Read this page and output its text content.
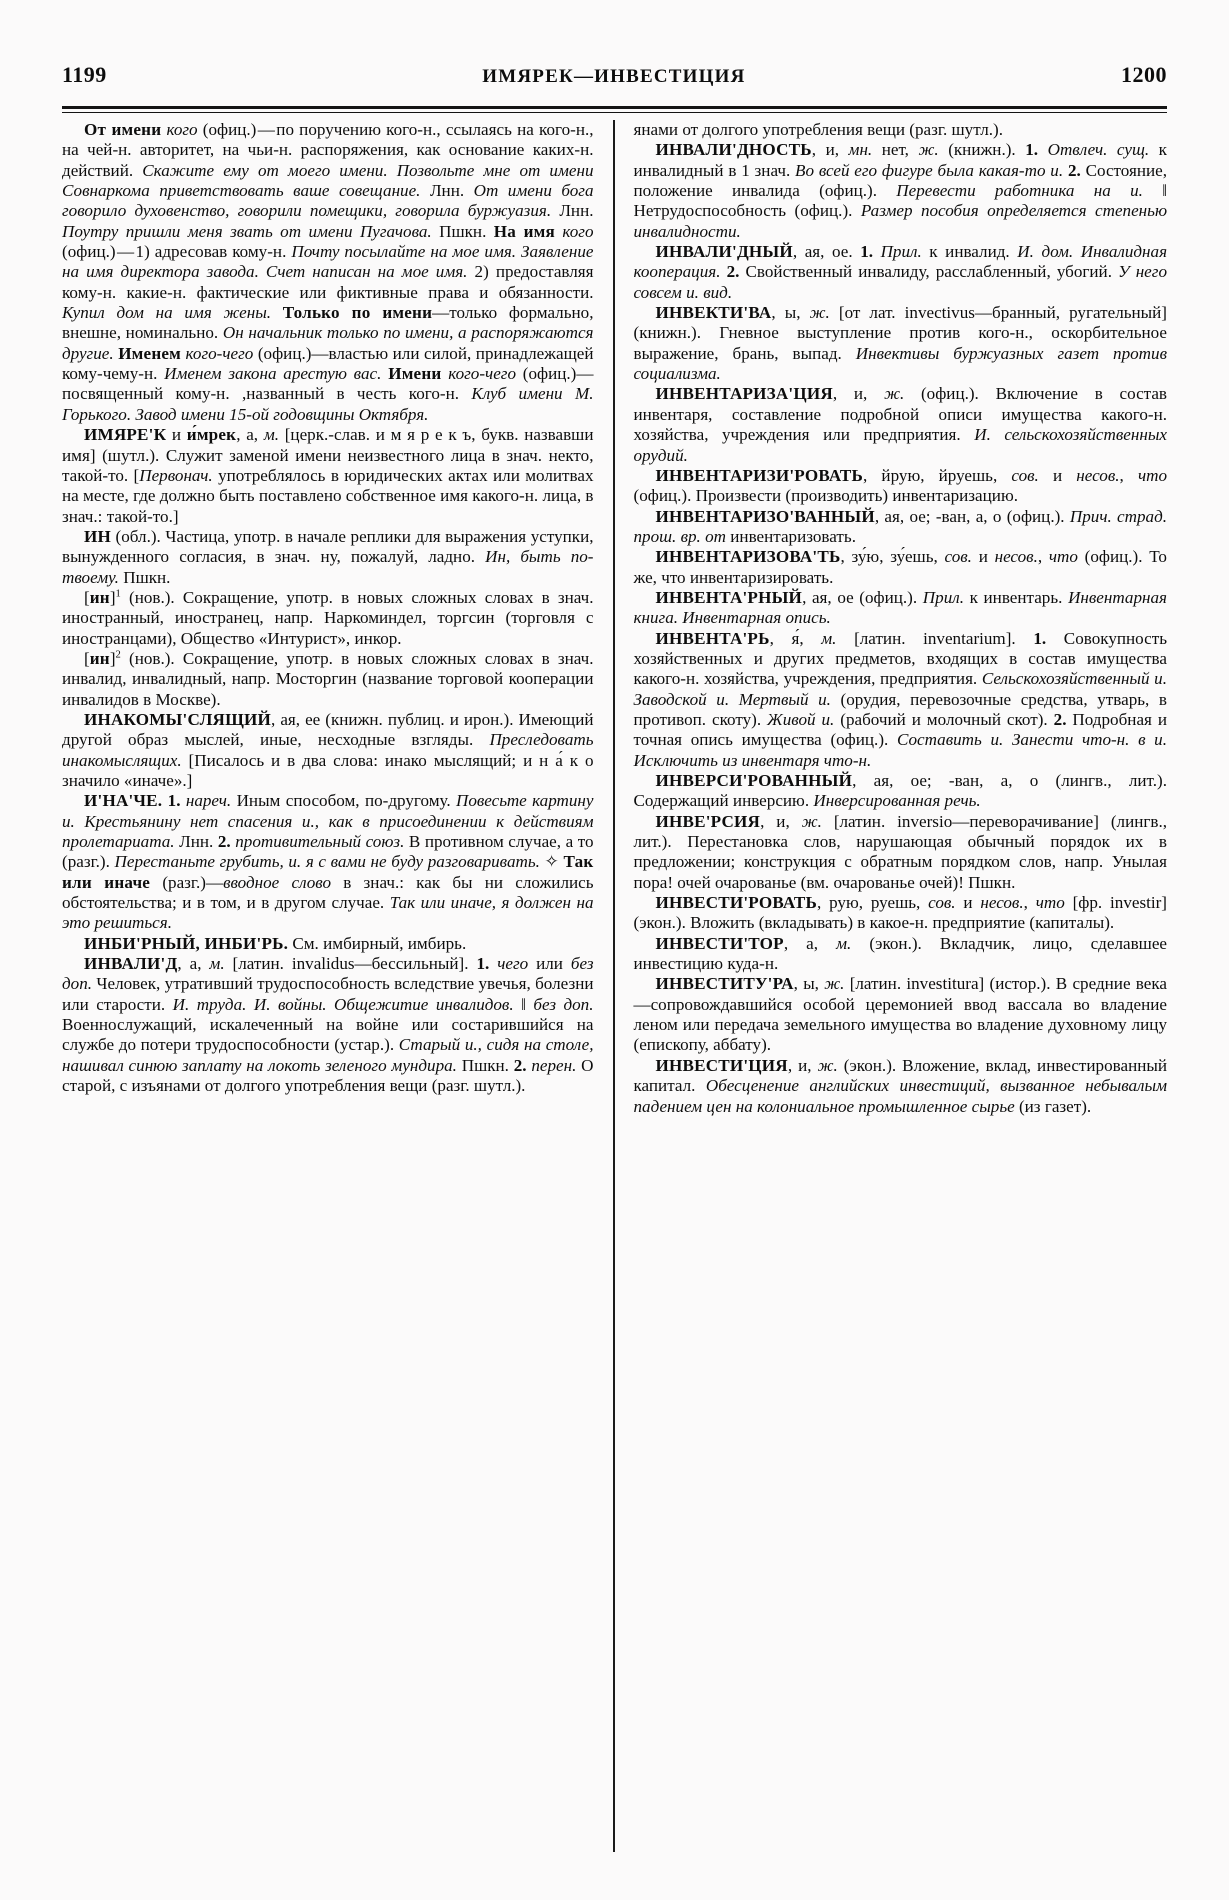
1199	ИМЯРЕК—ИНВЕСТИЦИЯ	1200

От имени кого (офиц.) — по поручению кого-н., ссылаясь на кого-н., на чей-н. авторитет, на чьи-н. распоряжения, как основание каких-н. действий. Скажите ему от моего имени. Позвольте мне от имени Совнаркома приветствовать ваше совещание. Лнн. От имени бога говорило духовенство, говорили помещики, говорила буржуазия. Лнн. Поутру пришли меня звать от имени Пугачова. Пшкн. На имя кого (офиц.) — 1) адресовав кому-н. Почту посылайте на мое имя. Заявление на имя директора завода. Счет написан на мое имя. 2) предоставляя кому-н. какие-н. фактические или фиктивные права и обязанности. Купил дом на имя жены. Только по имени—только формально, внешне, номинально. Он начальник только по имени, а распоряжаются другие. Именем кого-чего (офиц.)—властью или силой, принадлежащей кому-чему-н. Именем закона арестую вас. Имени кого-чего (офиц.)—посвященный кому-н. ,названный в честь кого-н. Клуб имени М. Горького. Завод имени 15-ой годовщины Октября.

ИМЯРЕ'К и и́мрек, а, м. [церк.-слав. и м я р е к ъ, букв. назвавши имя] (шутл.). Служит заменой имени неизвестного лица в знач. некто, такой-то. [Первонач. употреблялось в юридических актах или молитвах на месте, где должно быть поставлено собственное имя какого-н. лица, в знач.: такой-то.]

ИН (обл.). Частица, употр. в начале реплики для выражения уступки, вынужденного согласия, в знач. ну, пожалуй, ладно. Ин, быть по-твоему. Пшкн.

[ин]$^1$ (нов.). Сокращение, употр. в новых сложных словах в знач. иностранный, иностранец, напр. Наркоминдел, торгсин (торговля с иностранцами), Общество «Интурист», инкор.

[ин]$^2$ (нов.). Сокращение, употр. в новых сложных словах в знач. инвалид, инвалидный, напр. Мосторгин (название торговой кооперации инвалидов в Москве).

ИНАКОМЫ'СЛЯЩИЙ, ая, ее (книжн. публиц. и ирон.). Имеющий другой образ мыслей, иные, несходные взгляды. Преследовать инакомыслящих. [Писалось и в два слова: инако мыслящий; и н а́ к о значило «иначе».]

И'НА'ЧЕ. 1. нареч. Иным способом, по-другому. Повесьте картину и. Крестьянину нет спасения и., как в присоединении к действиям пролетариата. Лнн. 2. противительный союз. В противном случае, а то (разг.). Перестаньте грубить, и. я с вами не буду разговаривать. ✧ Так или иначе (разг.)—вводное слово в знач.: как бы ни сложились обстоятельства; и в том, и в другом случае. Так или иначе, я должен на это решиться.

ИНБИ'РНЫЙ, ИНБИ'РЬ. См. имбирный, имбирь.

ИНВАЛИ'Д, а, м. [латин. invalidus—бессильный]. 1. чего или без доп. Человек, утративший трудоспособность вследствие увечья, болезни или старости. И. труда. И. войны. Общежитие инвалидов. ‖ без доп. Военнослужащий, искалеченный на войне или состарившийся на службе до потери трудоспособности (устар.). Старый и., сидя на столе, нашивал синюю заплату на локоть зеленого мундира. Пшкн. 2. перен. О старой, с изъянами от долгого употребления вещи (разг. шутл.).

янами от долгого употребления вещи (разг. шутл.).

ИНВАЛИ'ДНОСТЬ, и, мн. нет, ж. (книжн.). 1. Отвлеч. сущ. к инвалидный в 1 знач. Во всей его фигуре была какая-то и. 2. Состояние, положение инвалида (офиц.). Перевести работника на и. ‖ Нетрудоспособность (офиц.). Размер пособия определяется степенью инвалидности.

ИНВАЛИ'ДНЫЙ, ая, ое. 1. Прил. к инвалид. И. дом. Инвалидная кооперация. 2. Свойственный инвалиду, расслабленный, убогий. У него совсем и. вид.

ИНВЕКТИ'ВА, ы, ж. [от лат. invectivus—бранный, ругательный] (книжн.). Гневное выступление против кого-н., оскорбительное выражение, брань, выпад. Инвективы буржуазных газет против социализма.

ИНВЕНТАРИЗА'ЦИЯ, и, ж. (офиц.). Включение в состав инвентаря, составление подробной описи имущества какого-н. хозяйства, учреждения или предприятия. И. сельскохозяйственных орудий.

ИНВЕНТАРИЗИ'РОВАТЬ, йрую, йруешь, сов. и несов., что (офиц.). Произвести (производить) инвентаризацию.

ИНВЕНТАРИЗО'ВАННЫЙ, ая, ое; -ван, а, о (офиц.). Прич. страд. прош. вр. от инвентаризовать.

ИНВЕНТАРИЗОВА'ТЬ, зу́ю, зу́ешь, сов. и несов., что (офиц.). То же, что инвентаризировать.

ИНВЕНТА'РНЫЙ, ая, ое (офиц.). Прил. к инвентарь. Инвентарная книга. Инвентарная опись.

ИНВЕНТА'РЬ, я́, м. [латин. inventarium]. 1. Совокупность хозяйственных и других предметов, входящих в состав имущества какого-н. хозяйства, учреждения, предприятия. Сельскохозяйственный и. Заводской и. Мертвый и. (орудия, перевозочные средства, утварь, в противоп. скоту). Живой и. (рабочий и молочный скот). 2. Подробная и точная опись имущества (офиц.). Составить и. Занести что-н. в и. Исключить из инвентаря что-н.

ИНВЕРСИ'РОВАННЫЙ, ая, ое; -ван, а, о (лингв., лит.). Содержащий инверсию. Инверсированная речь.

ИНВЕ'РСИЯ, и, ж. [латин. inversio—переворачивание] (лингв., лит.). Перестановка слов, нарушающая обычный порядок их в предложении; конструкция с обратным порядком слов, напр. Унылая пора! очей очарованье (вм. очарованье очей)! Пшкн.

ИНВЕСТИ'РОВАТЬ, рую, руешь, сов. и несов., что [фр. investir] (экон.). Вложить (вкладывать) в какое-н. предприятие (капиталы).

ИНВЕСТИ'ТОР, а, м. (экон.). Вкладчик, лицо, сделавшее инвестицию куда-н.

ИНВЕСТИТУ'РА, ы, ж. [латин. investitura] (истор.). В средние века—сопровождавшийся особой церемонией ввод вассала во владение леном или передача земельного имущества во владение духовному лицу (епископу, аббату).

ИНВЕСТИ'ЦИЯ, и, ж. (экон.). Вложение, вклад, инвестированный капитал. Обесценение английских инвестиций, вызванное небывалым падением цен на колониальное промышленное сырье (из газет).
